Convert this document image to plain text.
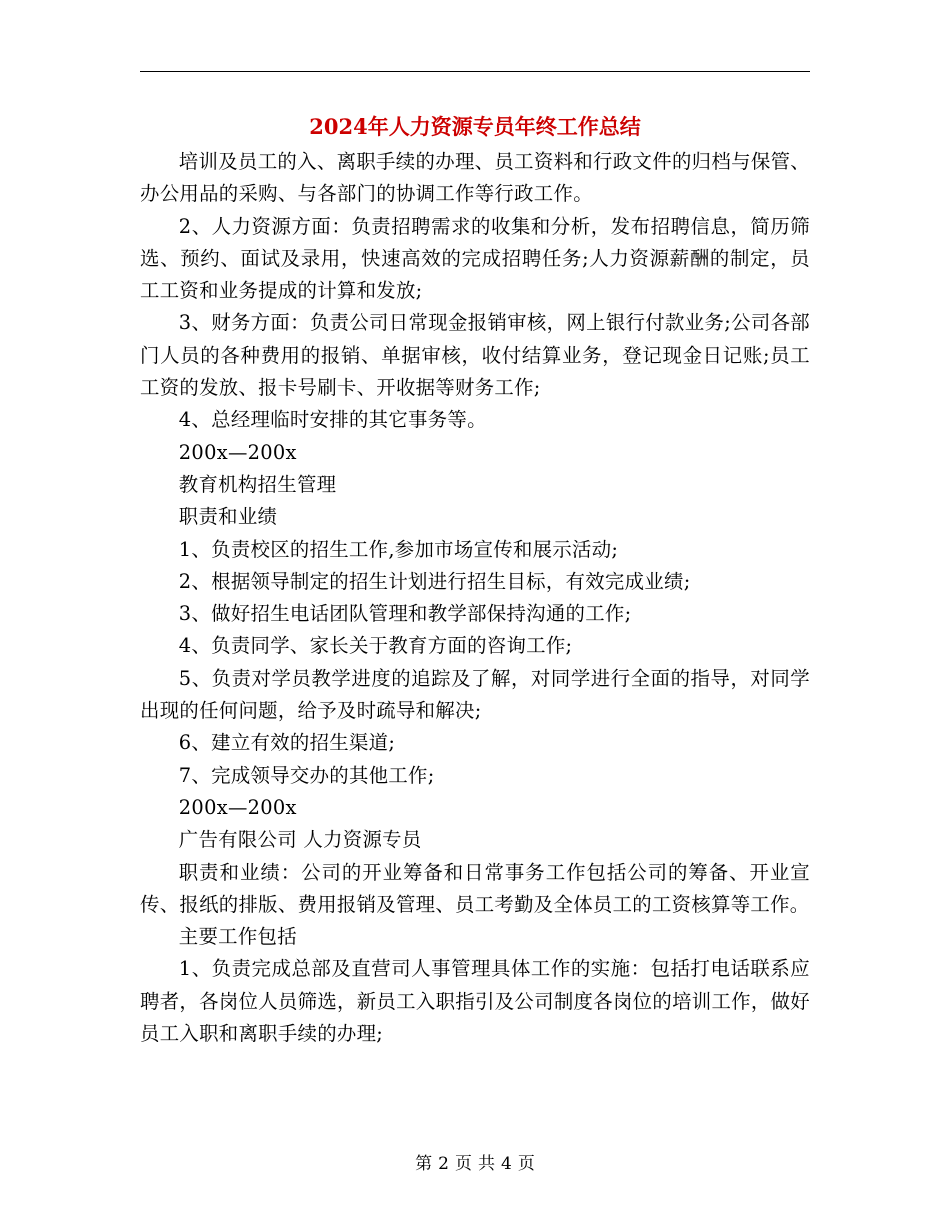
2024年人力资源专员年终工作总结

培训及员工的入、离职手续的办理、员工资料和行政文件的归档与保管、办公用品的采购、与各部门的协调工作等行政工作。

2、人力资源方面：负责招聘需求的收集和分析，发布招聘信息，简历筛选、预约、面试及录用，快速高效的完成招聘任务;人力资源薪酬的制定，员工工资和业务提成的计算和发放;

3、财务方面：负责公司日常现金报销审核，网上银行付款业务;公司各部门人员的各种费用的报销、单据审核，收付结算业务，登记现金日记账;员工工资的发放、报卡号刷卡、开收据等财务工作;

4、总经理临时安排的其它事务等。

200x—200x

教育机构招生管理

职责和业绩

1、负责校区的招生工作,参加市场宣传和展示活动;

2、根据领导制定的招生计划进行招生目标，有效完成业绩;

3、做好招生电话团队管理和教学部保持沟通的工作;

4、负责同学、家长关于教育方面的咨询工作;

5、负责对学员教学进度的追踪及了解，对同学进行全面的指导，对同学出现的任何问题，给予及时疏导和解决;

6、建立有效的招生渠道;

7、完成领导交办的其他工作;

200x—200x

广告有限公司 人力资源专员

职责和业绩：公司的开业筹备和日常事务工作包括公司的筹备、开业宣传、报纸的排版、费用报销及管理、员工考勤及全体员工的工资核算等工作。

主要工作包括

1、负责完成总部及直营司人事管理具体工作的实施：包括打电话联系应聘者，各岗位人员筛选，新员工入职指引及公司制度各岗位的培训工作，做好员工入职和离职手续的办理;

第 2 页 共 4 页
